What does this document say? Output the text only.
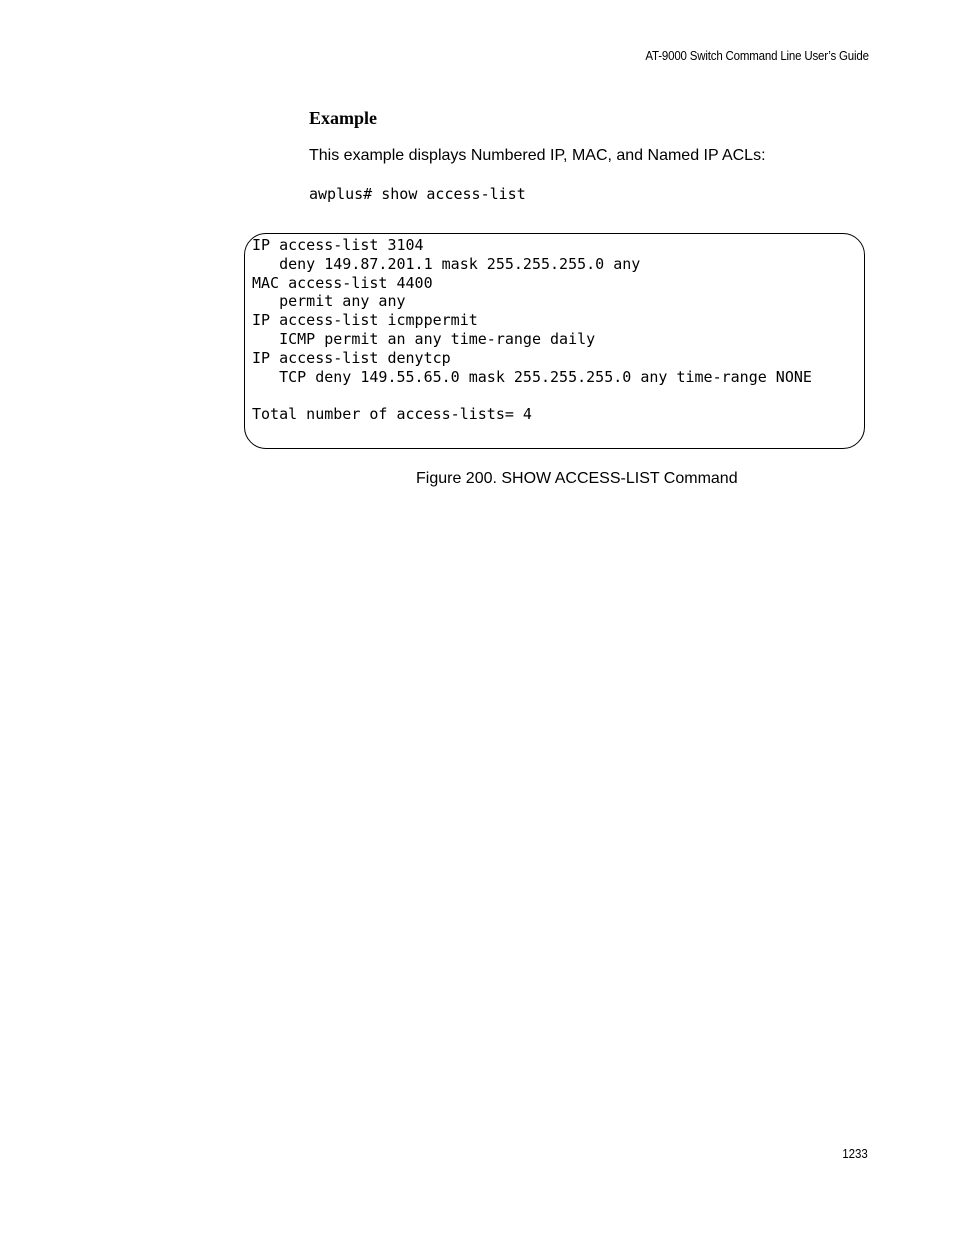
AT-9000 Switch Command Line User’s Guide
Example
This example displays Numbered IP, MAC, and Named IP ACLs:
awplus# show access-list
IP access-list 3104
deny 149.87.201.1 mask 255.255.255.0 any
MAC access-list 4400
permit any any
IP access-list icmppermit
ICMP permit an any time-range daily
IP access-list denytcp
TCP deny 149.55.65.0 mask 255.255.255.0 any time-range NONE
Total number of access-lists= 4
Figure 200. SHOW ACCESS-LIST Command
1233
